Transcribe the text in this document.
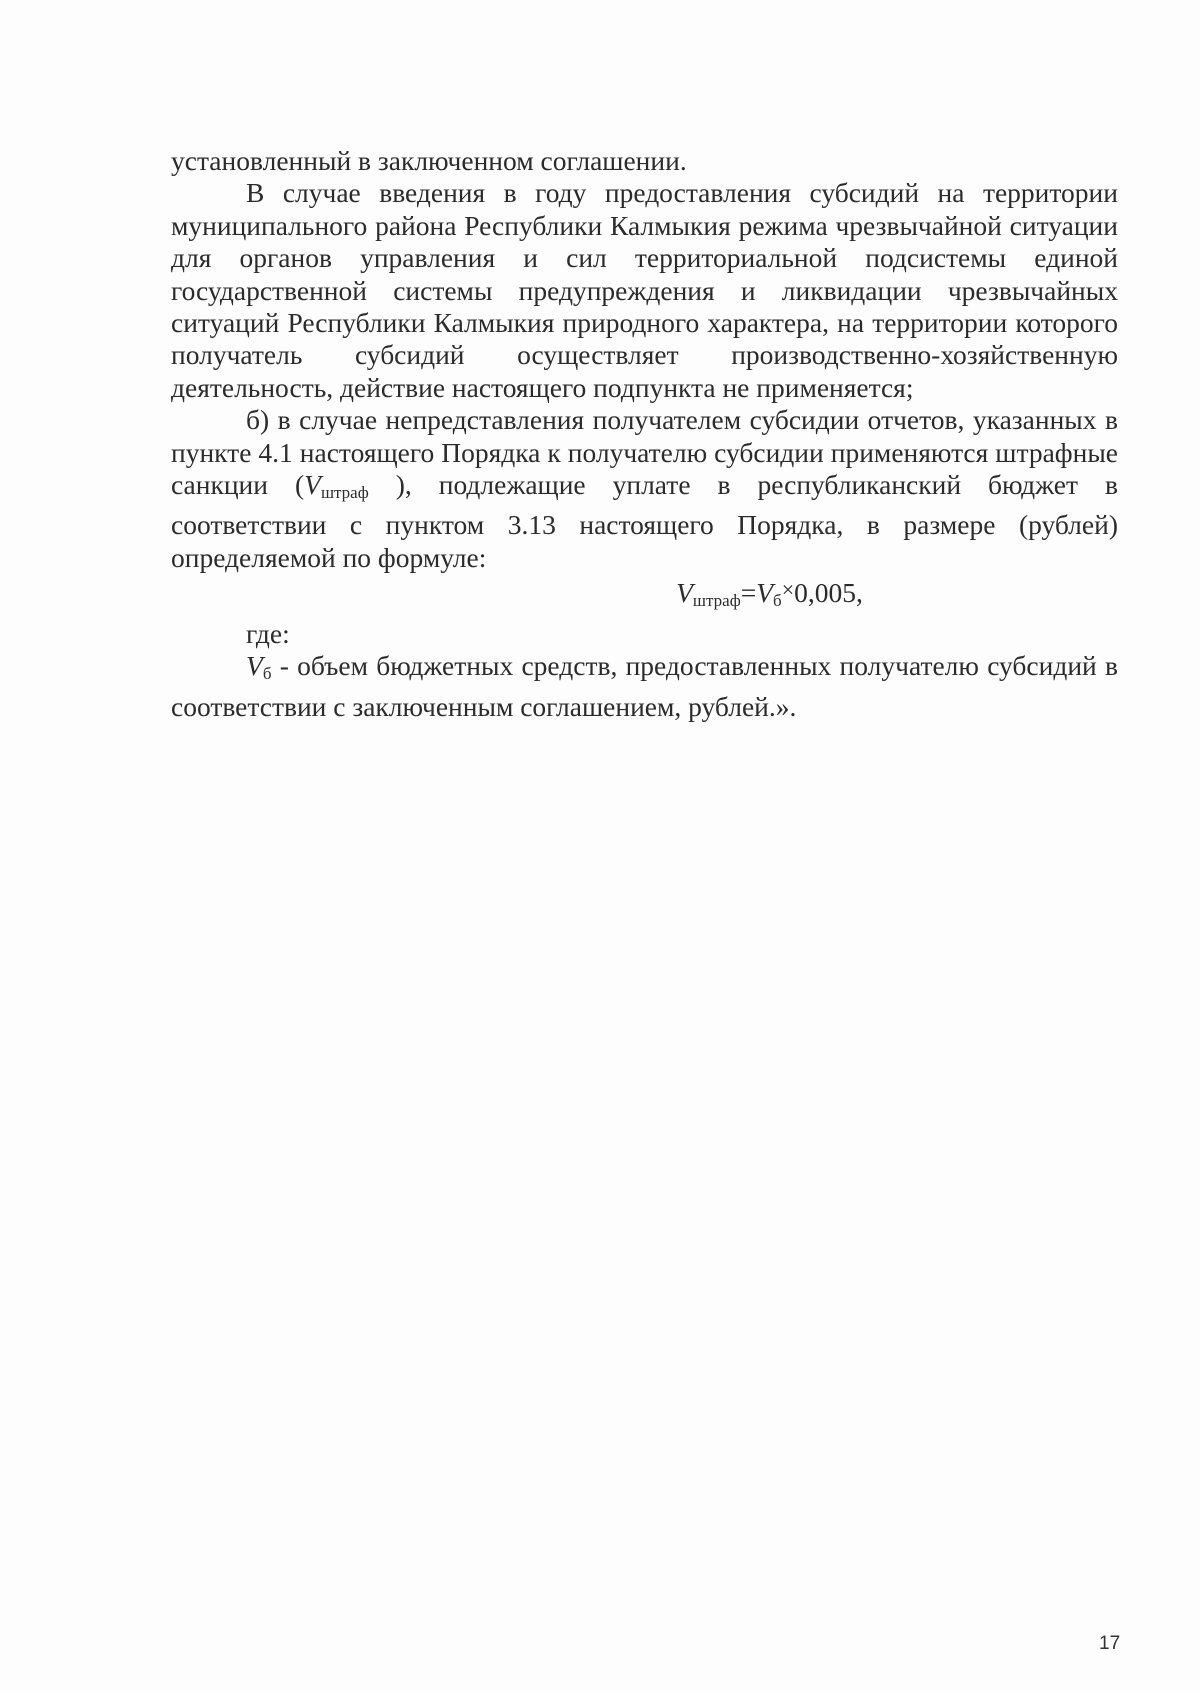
установленный в заключенном соглашении.

В случае введения в году предоставления субсидий на территории муниципального района Республики Калмыкия режима чрезвычайной ситуации для органов управления и сил территориальной подсистемы единой государственной системы предупреждения и ликвидации чрезвычайных ситуаций Республики Калмыкия природного характера, на территории которого получатель субсидий осуществляет производственно-хозяйственную деятельность, действие настоящего подпункта не применяется;

б) в случае непредставления получателем субсидии отчетов, указанных в пункте 4.1 настоящего Порядка к получателю субсидии применяются штрафные санкции ($V_{штраф}$ ), подлежащие уплате в республиканский бюджет в соответствии с пунктом 3.13 настоящего Порядка, в размере (рублей) определяемой по формуле:

$V_{штраф}=V_б\times 0,005$,

где:

$V_б$ - объем бюджетных средств, предоставленных получателю субсидий в соответствии с заключенным соглашением, рублей.».

17
